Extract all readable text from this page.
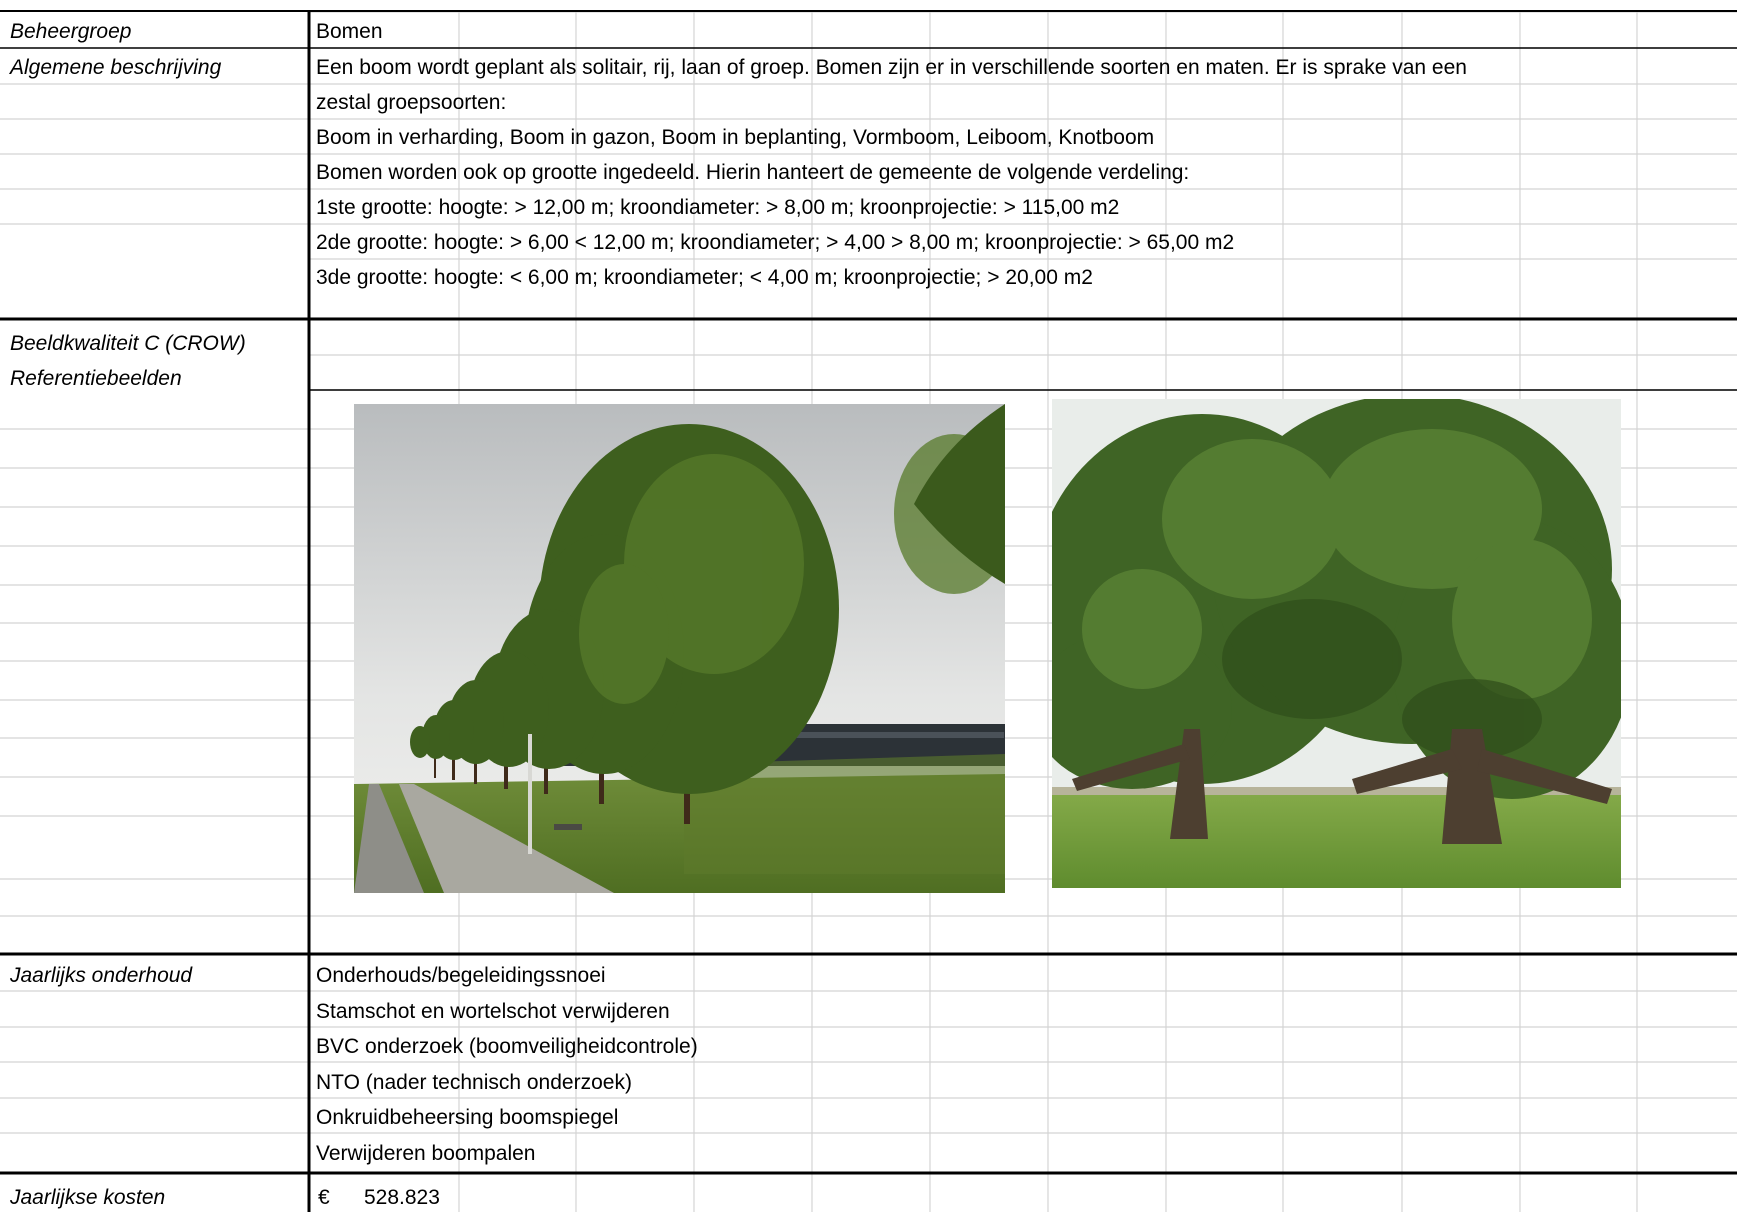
Beheergroep	Bomen
Algemene beschrijving	Een boom wordt geplant als solitair, rij, laan of groep. Bomen zijn er in verschillende soorten en maten. Er is sprake van een
zestal groepsoorten:
Boom in verharding, Boom in gazon, Boom in beplanting, Vormboom, Leiboom, Knotboom
Bomen worden ook op grootte ingedeeld. Hierin hanteert de gemeente de volgende verdeling:
1ste grootte: hoogte: > 12,00 m; kroondiameter: > 8,00 m; kroonprojectie: > 115,00 m2
2de grootte: hoogte: > 6,00 < 12,00 m; kroondiameter; > 4,00 > 8,00 m; kroonprojectie: > 65,00 m2
3de grootte: hoogte: < 6,00 m; kroondiameter; < 4,00 m; kroonprojectie; > 20,00 m2
Beeldkwaliteit C (CROW)
Referentiebeelden
Jaarlijks onderhoud	Onderhouds/begeleidingssnoei
Stamschot en wortelschot verwijderen
BVC onderzoek (boomveiligheidcontrole)
NTO (nader technisch onderzoek)
Onkruidbeheersing boomspiegel
Verwijderen boompalen
Jaarlijkse kosten	€ 528.823
